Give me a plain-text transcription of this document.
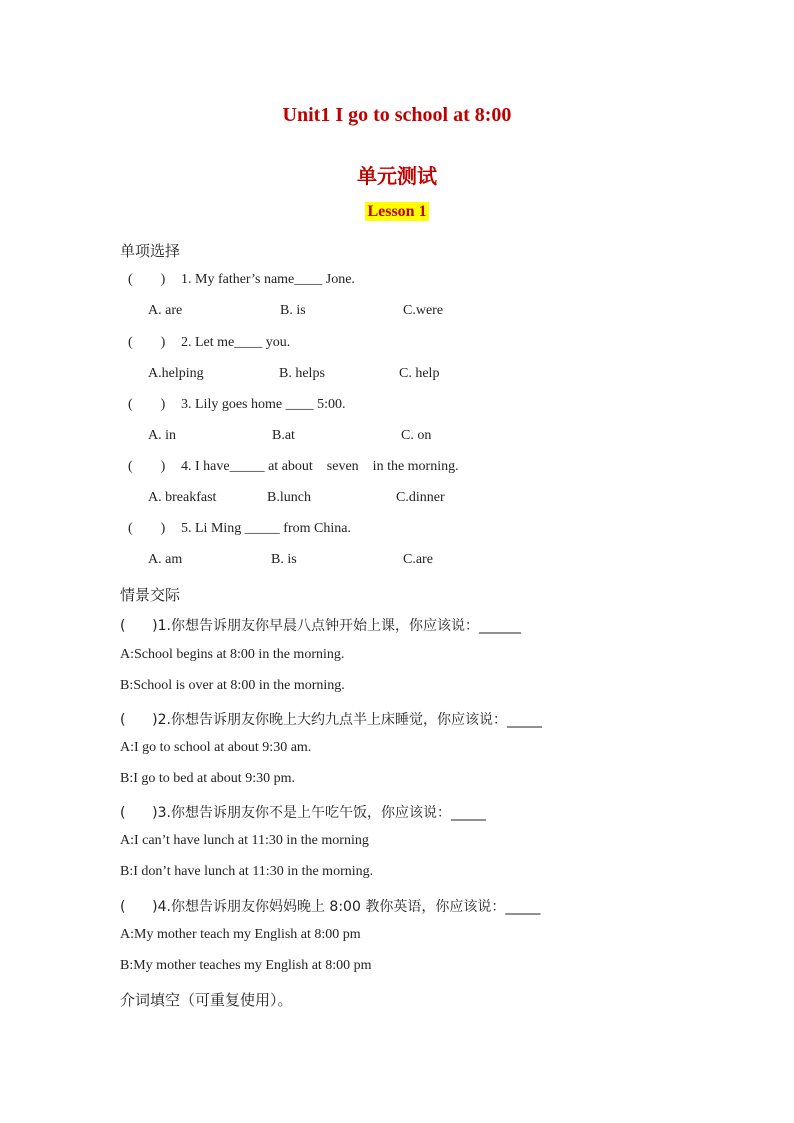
Unit1 I go to school at 8:00
单元测试
Lesson 1
单项选择
(        ) 1. My father’s name____ Jone.
A. are	B. is	C.were
(        ) 2. Let me____ you.
A.helping	B. helps	C. help
(        ) 3. Lily goes home ____ 5:00.
A. in	B.at	C. on
(        ) 4. I have_____ at about    seven    in the morning.
A. breakfast	B.lunch	C.dinner
(        ) 5. Li Ming _____ from China.
A. am	B. is	C.are
情景交际
(      )1.你想告诉朋友你早晨八点钟开始上课，你应该说：______
A:School begins at 8:00 in the morning.
B:School is over at 8:00 in the morning.
(      )2.你想告诉朋友你晚上大约九点半上床睡觉，你应该说：_____
A:I go to school at about 9:30 am.
B:I go to bed at about 9:30 pm.
(      )3.你想告诉朋友你不是上午吃午饭，你应该说：_____
A:I can’t have lunch at 11:30 in the morning
B:I don’t have lunch at 11:30 in the morning.
(      )4.你想告诉朋友你妈妈晚上 8:00 教你英语，你应该说：_____
A:My mother teach my English at 8:00 pm
B:My mother teaches my English at 8:00 pm
介词填空（可重复使用）。
